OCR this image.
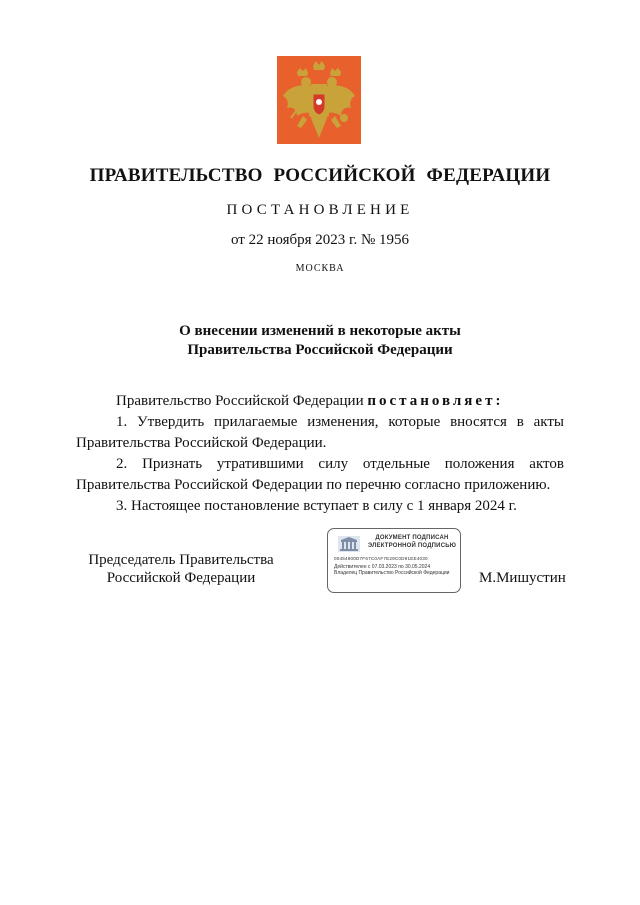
ПРАВИТЕЛЬСТВО РОССИЙСКОЙ ФЕДЕРАЦИИ
ПОСТАНОВЛЕНИЕ
от 22 ноября 2023 г. № 1956
МОСКВА
О внесении изменений в некоторые акты
Правительства Российской Федерации

Правительство Российской Федерации постановляет:

1. Утвердить прилагаемые изменения, которые вносятся в акты Правительства Российской Федерации.

2. Признать утратившими силу отдельные положения актов Правительства Российской Федерации по перечню согласно приложению.

3. Настоящее постановление вступает в силу с 1 января 2024 г.

Председатель Правительства
Российской Федерации
ДОКУМЕНТ ПОДПИСАН
ЭЛЕКТРОННОЙ ПОДПИСЬЮ
00454900D7F67C0AF7E29C0D91EE4030
Действителен с 07.03.2023 по 30.05.2024
Владелец Правительство Российской Федерации	М.Мишустин
